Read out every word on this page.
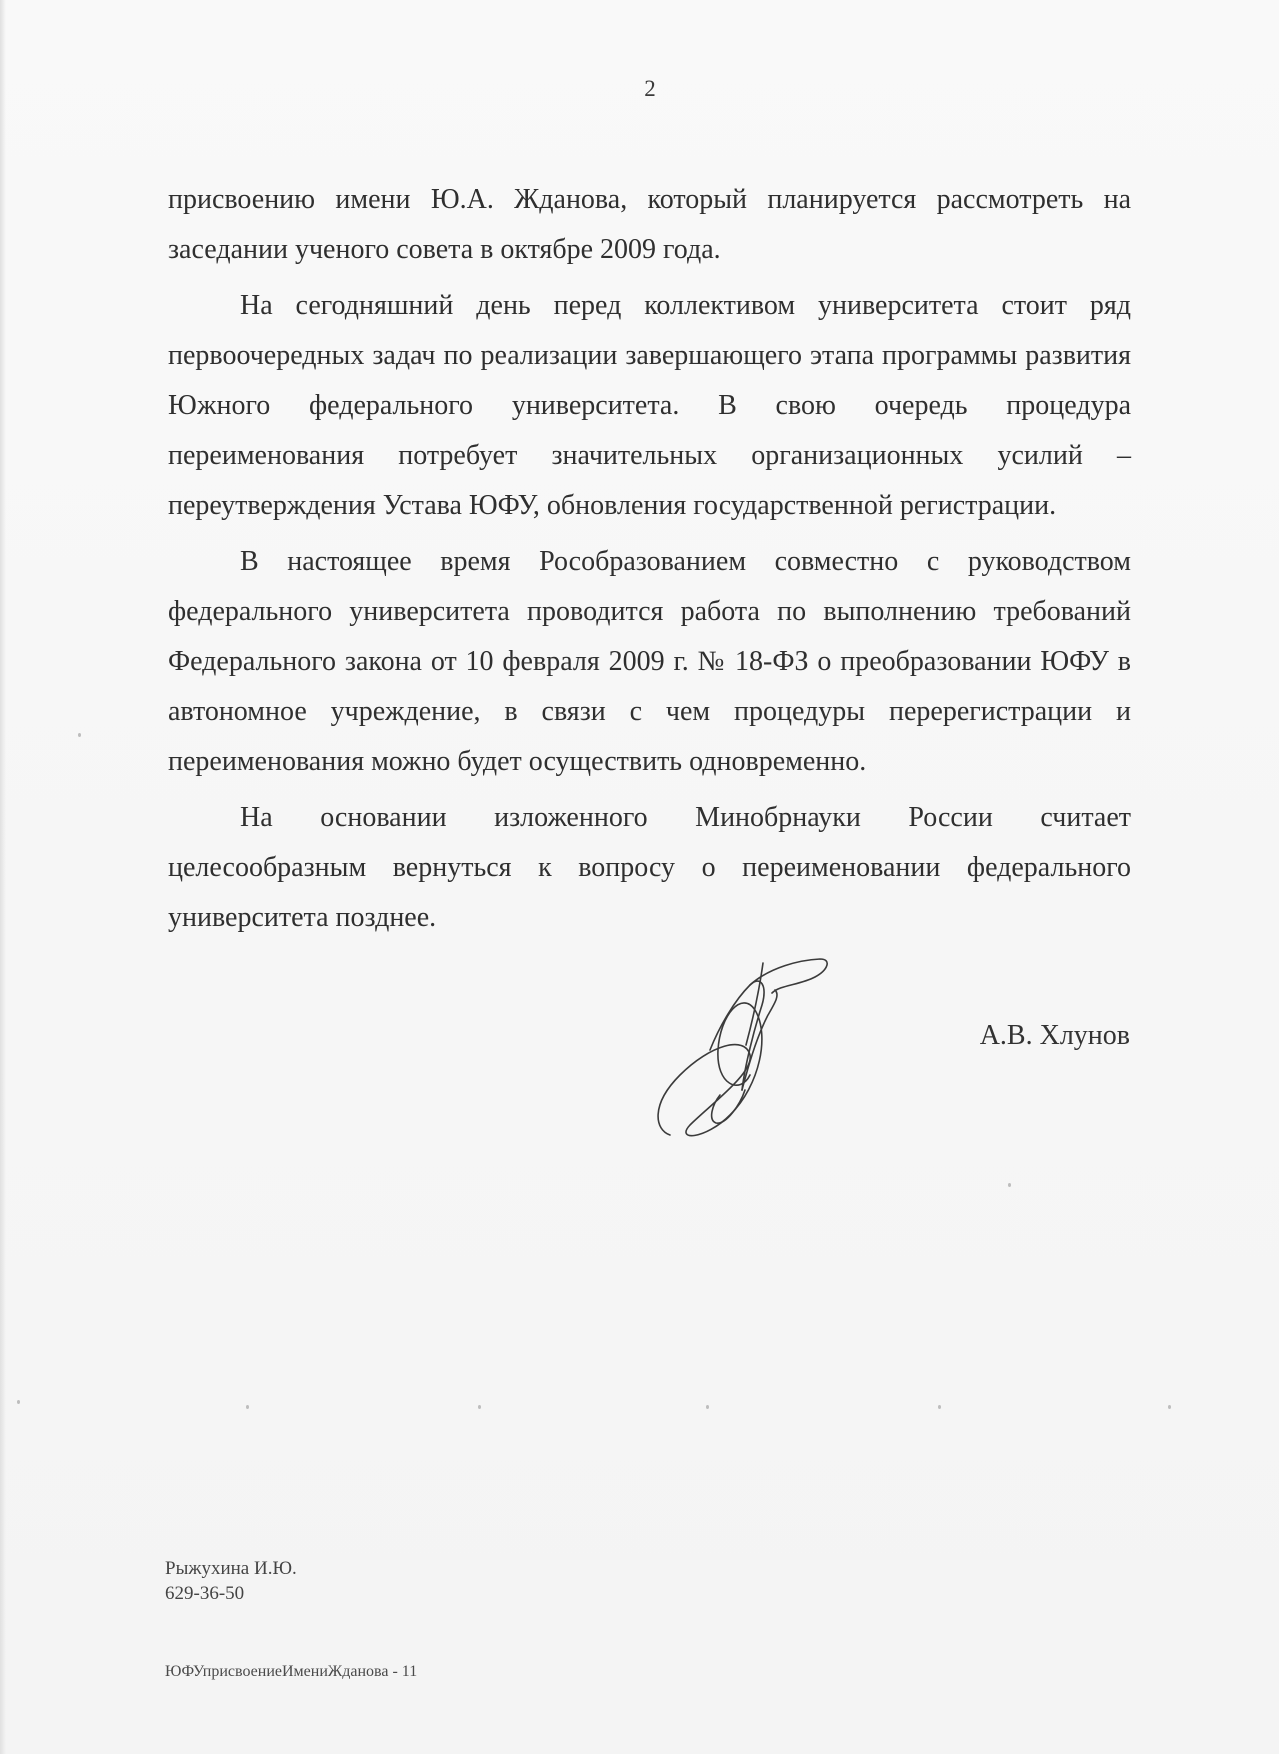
2

присвоению имени Ю.А. Жданова, который планируется рассмотреть на заседании ученого совета в октябре 2009 года.

На сегодняшний день перед коллективом университета стоит ряд первоочередных задач по реализации завершающего этапа программы развития Южного федерального университета. В свою очередь процедура переименования потребует значительных организационных усилий – переутверждения Устава ЮФУ, обновления государственной регистрации.

В настоящее время Рособразованием совместно с руководством федерального университета проводится работа по выполнению требований Федерального закона от 10 февраля 2009 г. № 18-ФЗ о преобразовании ЮФУ в автономное учреждение, в связи с чем процедуры перерегистрации и переименования можно будет осуществить одновременно.

На основании изложенного Минобрнауки России считает целесообразным вернуться к вопросу о переименовании федерального университета позднее.

А.В. Хлунов
Рыжухина И.Ю.
629-36-50
ЮФУприсвоениеИмениЖданова - 11
